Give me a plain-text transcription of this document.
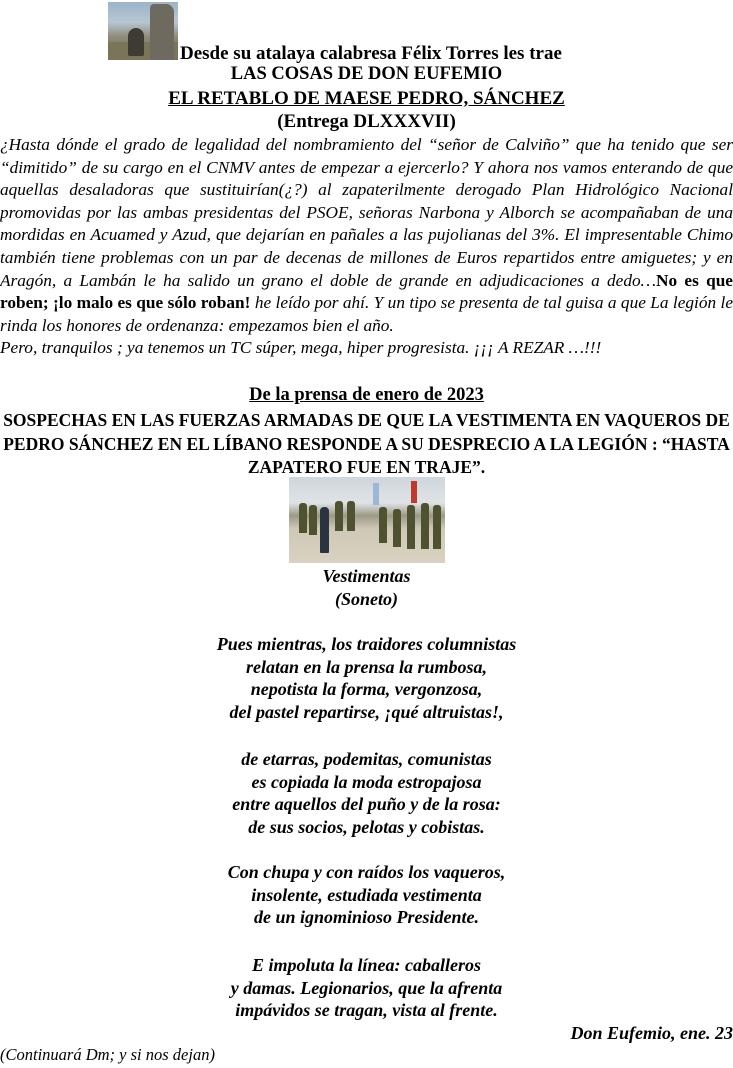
Desde su atalaya calabresa Félix Torres les trae
LAS COSAS DE DON EUFEMIO
EL RETABLO DE MAESE PEDRO, SÁNCHEZ
(Entrega DLXXXVII)

¿Hasta dónde el grado de legalidad del nombramiento del “señor de Calviño” que ha tenido que ser “dimitido” de su cargo en el CNMV antes de empezar a ejercerlo? Y ahora nos vamos enterando de que aquellas desaladoras que sustituirían(¿?) al zapaterilmente derogado Plan Hidrológico Nacional promovidas por las ambas presidentas del PSOE, señoras Narbona y Alborch se acompañaban de una mordidas en Acuamed y Azud, que dejarían en pañales a las pujolianas del 3%. El impresentable Chimo también tiene problemas con un par de decenas de millones de Euros repartidos entre amiguetes; y en Aragón, a Lambán le ha salido un grano el doble de grande en adjudicaciones a dedo…No es que roben; ¡lo malo es que sólo roban! he leído por ahí. Y un tipo se presenta de tal guisa a que La legión le rinda los honores de ordenanza: empezamos bien el año.
Pero, tranquilos ; ya tenemos un TC súper, mega, hiper progresista. ¡¡¡ A REZAR …!!!

De la prensa de enero de 2023
SOSPECHAS EN LAS FUERZAS ARMADAS DE QUE LA VESTIMENTA EN VAQUEROS DE
PEDRO SÁNCHEZ EN EL LÍBANO RESPONDE A SU DESPRECIO A LA LEGIÓN : “HASTA
ZAPATERO FUE EN TRAJE”.
Vestimentas
(Soneto)
Pues mientras, los traidores columnistas
relatan en la prensa la rumbosa,
nepotista la forma, vergonzosa,
del pastel repartirse, ¡qué altruistas!,
de etarras, podemitas, comunistas
es copiada la moda estropajosa
entre aquellos del puño y de la rosa:
de sus socios, pelotas y cobistas.
Con chupa y con raídos los vaqueros,
insolente, estudiada vestimenta
de un ignominioso Presidente.
E impoluta la línea: caballeros
y damas. Legionarios, que la afrenta
impávidos se tragan, vista al frente.
Don Eufemio, ene. 23
(Continuará Dm; y si nos dejan)
